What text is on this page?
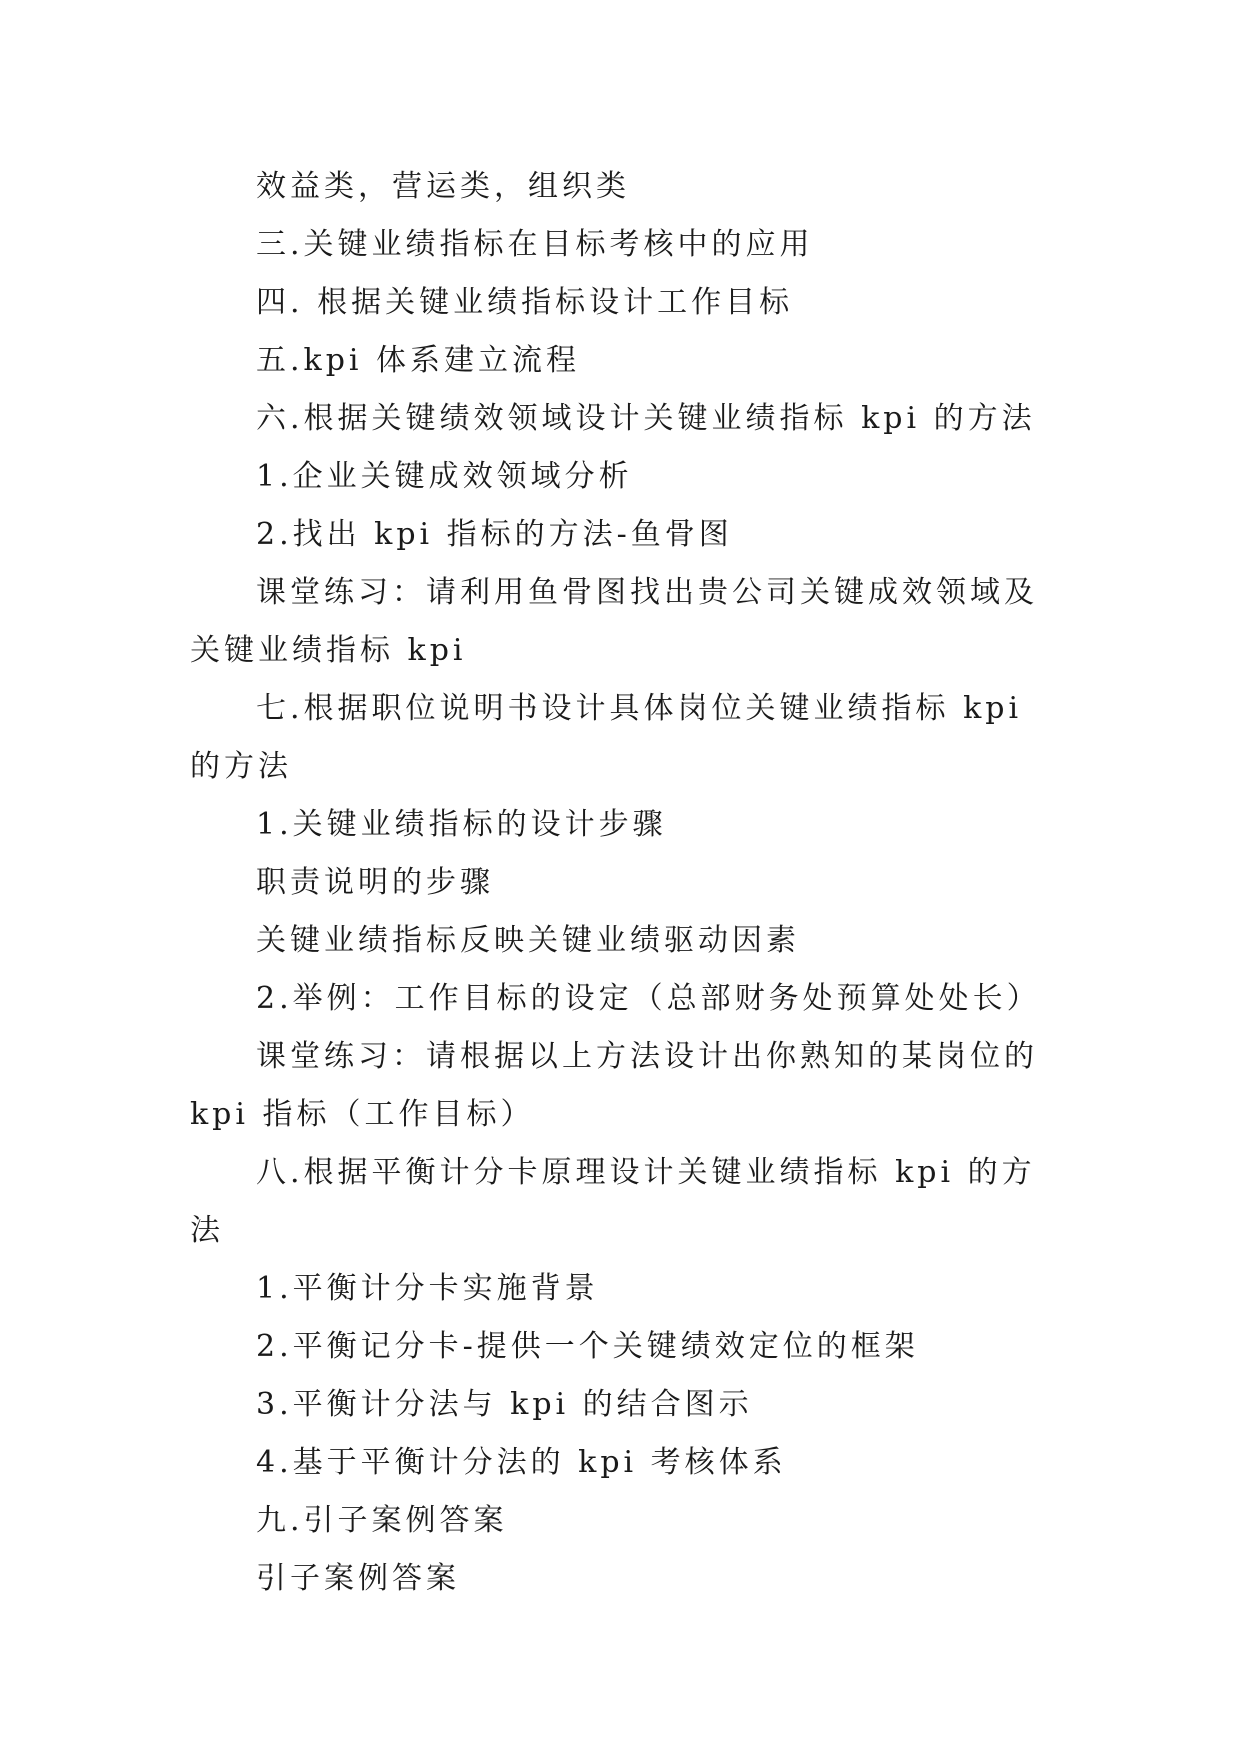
效益类，营运类，组织类

三.关键业绩指标在目标考核中的应用

四. 根据关键业绩指标设计工作目标

五.kpi 体系建立流程

六.根据关键绩效领域设计关键业绩指标 kpi 的方法

1.企业关键成效领域分析

2.找出 kpi 指标的方法-鱼骨图

课堂练习：请利用鱼骨图找出贵公司关键成效领域及关键业绩指标 kpi

七.根据职位说明书设计具体岗位关键业绩指标 kpi 的方法

1.关键业绩指标的设计步骤

职责说明的步骤

关键业绩指标反映关键业绩驱动因素

2.举例：工作目标的设定（总部财务处预算处处长）

课堂练习：请根据以上方法设计出你熟知的某岗位的 kpi 指标（工作目标）

八.根据平衡计分卡原理设计关键业绩指标 kpi 的方法

1.平衡计分卡实施背景

2.平衡记分卡-提供一个关键绩效定位的框架

3.平衡计分法与 kpi 的结合图示

4.基于平衡计分法的 kpi 考核体系

九.引子案例答案

引子案例答案
